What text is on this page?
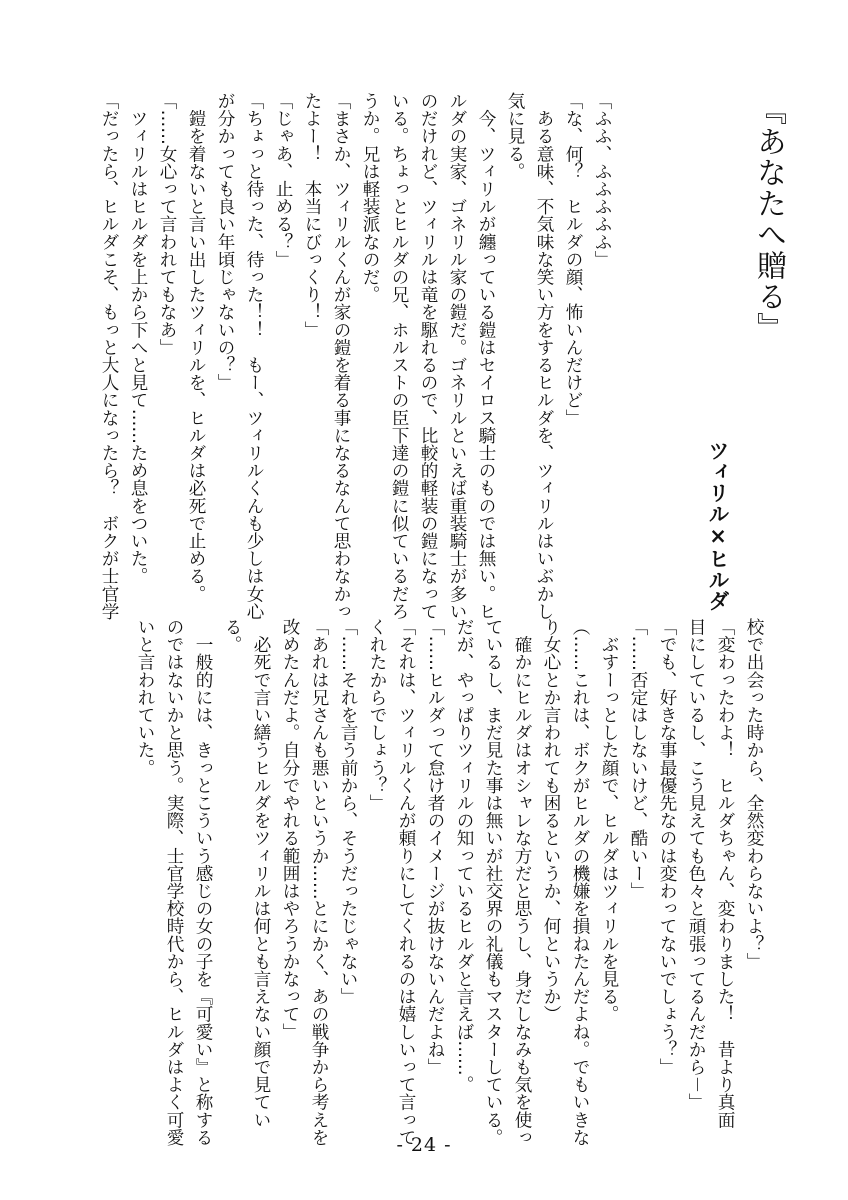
『あなたへ贈る』
ツィリル×ヒルダ
「ふふ、ふふふふふ」
「な、何？　ヒルダの顔、怖いんだけど」
　ある意味、不気味な笑い方をするヒルダを、ツィリルはいぶかし
気に見る。
　今、ツィリルが纏っている鎧はセイロス騎士のものでは無い。ヒ
ルダの実家、ゴネリル家の鎧だ。ゴネリルといえば重装騎士が多い
のだけれど、ツィリルは竜を駆れるので、比較的軽装の鎧になって
いる。ちょっとヒルダの兄、ホルストの臣下達の鎧に似ているだろ
うか。兄は軽装派なのだ。
「まさか、ツィリルくんが家の鎧を着る事になるなんて思わなかっ
たよー！　本当にびっくり！」
「じゃあ、止める？」
「ちょっと待った、待った！！　もー、ツィリルくんも少しは女心
が分かっても良い年頃じゃないの？」
　鎧を着ないと言い出したツィリルを、ヒルダは必死で止める。
「……女心って言われてもなあ」
　ツィリルはヒルダを上から下へと見て……ため息をついた。
「だったら、ヒルダこそ、もっと大人になったら？　ボクが士官学
校で出会った時から、全然変わらないよ？」
「変わったわよ！　ヒルダちゃん、変わりました！　昔より真面
目にしているし、こう見えても色々と頑張ってるんだから－」
「でも、好きな事最優先なのは変わってないでしょう？」
「……否定はしないけど、酷いー」
　ぶすーっとした顔で、ヒルダはツィリルを見る。
（……これは、ボクがヒルダの機嫌を損ねたんだよね。でもいきな
り女心とか言われても困るというか、何というか）
　確かにヒルダはオシャレな方だと思うし、身だしなみも気を使っ
ているし、まだ見た事は無いが社交界の礼儀もマスターしている。
だが、やっぱりツィリルの知っているヒルダと言えば……。
「……ヒルダって怠け者のイメージが抜けないんだよね」
「それは、ツィリルくんが頼りにしてくれるのは嬉しいって言って
くれたからでしょう？」
「……それを言う前から、そうだったじゃない」
「あれは兄さんも悪いというか……とにかく、あの戦争から考えを
改めたんだよ。自分でやれる範囲はやろうかなって」
　必死で言い繕うヒルダをツィリルは何とも言えない顔で見てい
る。
　一般的には、きっとこういう感じの女の子を『可愛い』と称する
のではないかと思う。実際、士官学校時代から、ヒルダはよく可愛
いと言われていた。
- 24 -
